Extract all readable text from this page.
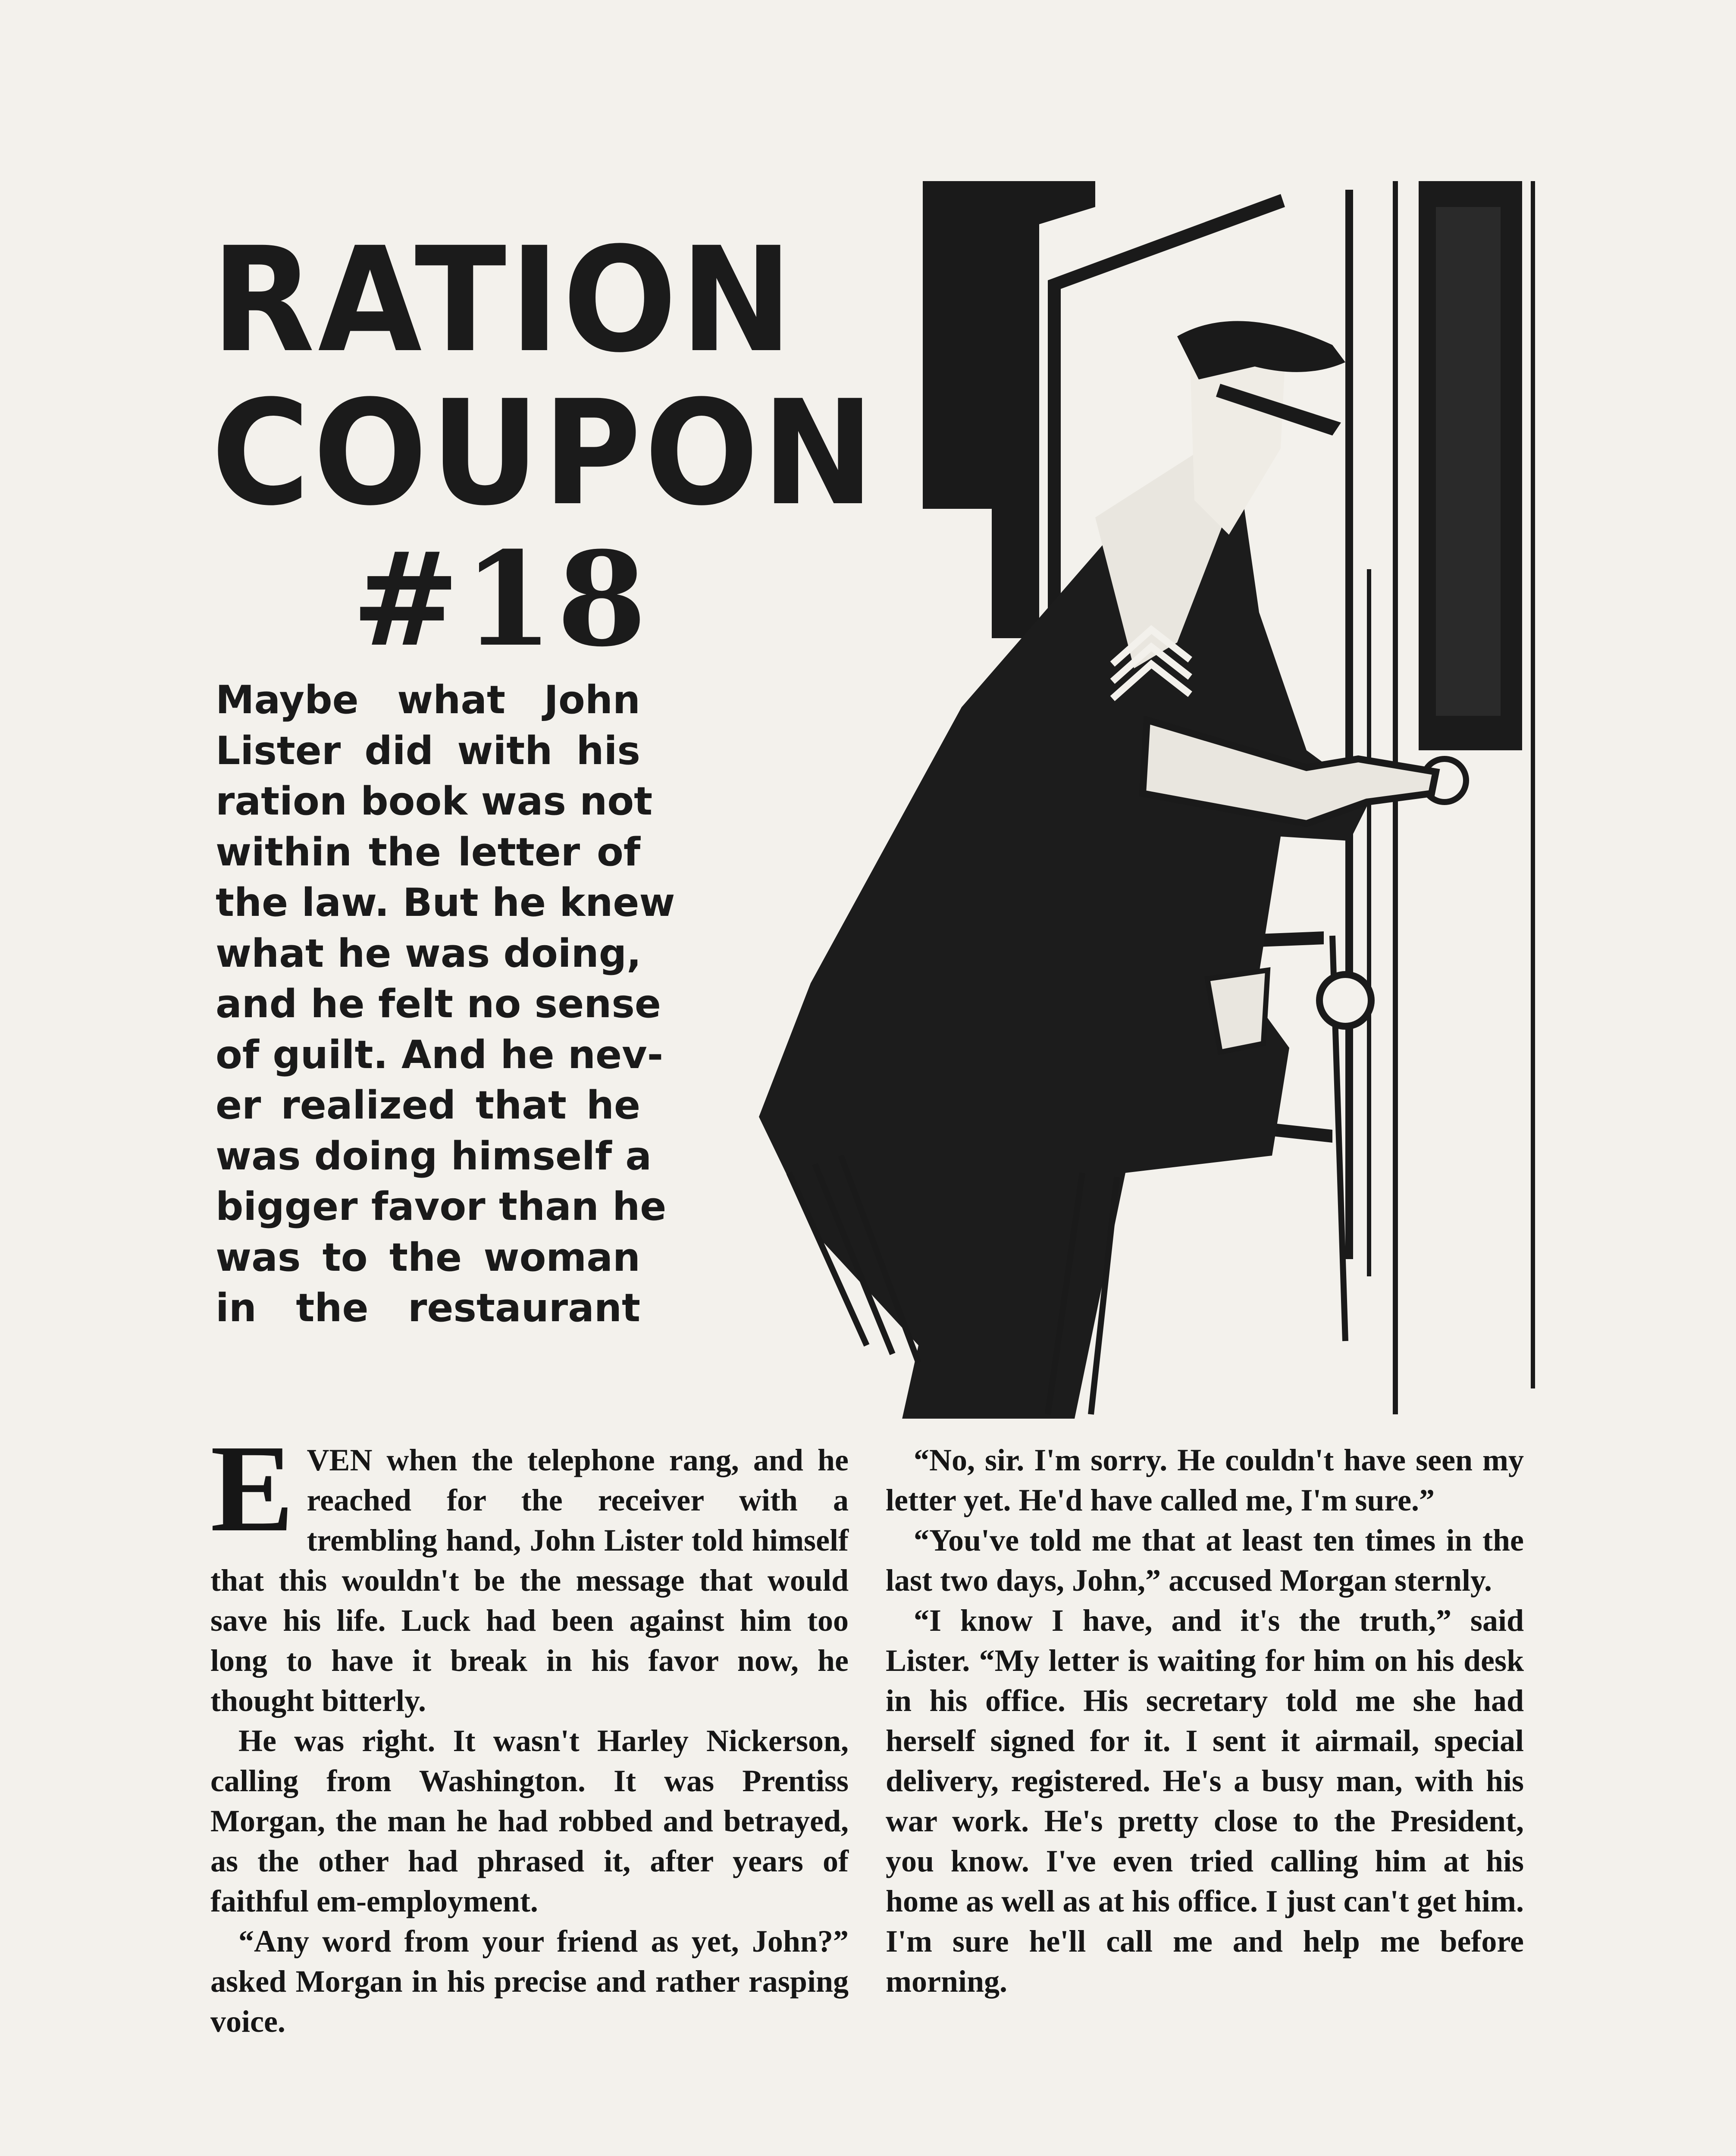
RATION
COUPON
#18
Maybe what John
Lister did with his
ration book was not
within the letter of
the law. But he knew
what he was doing,
and he felt no sense
of guilt. And he nev-
er realized that he
was doing himself a
bigger favor than he
was to the woman
in the restaurant

EVEN when the telephone rang, and he reached for the receiver with a trembling hand, John Lister told himself that this wouldn't be the message that would save his life. Luck had been against him too long to have it break in his favor now, he thought bitterly.

He was right. It wasn't Harley Nickerson, calling from Washington. It was Prentiss Morgan, the man he had robbed and betrayed, as the other had phrased it, after years of faithful em-employment.

“Any word from your friend as yet, John?” asked Morgan in his precise and rather rasping voice.

“No, sir. I'm sorry. He couldn't have seen my letter yet. He'd have called me, I'm sure.”

“You've told me that at least ten times in the last two days, John,” accused Morgan sternly.

“I know I have, and it's the truth,” said Lister. “My letter is waiting for him on his desk in his office. His secretary told me she had herself signed for it. I sent it airmail, special delivery, registered. He's a busy man, with his war work. He's pretty close to the President, you know. I've even tried calling him at his home as well as at his office. I just can't get him. I'm sure he'll call me and help me before morning.
